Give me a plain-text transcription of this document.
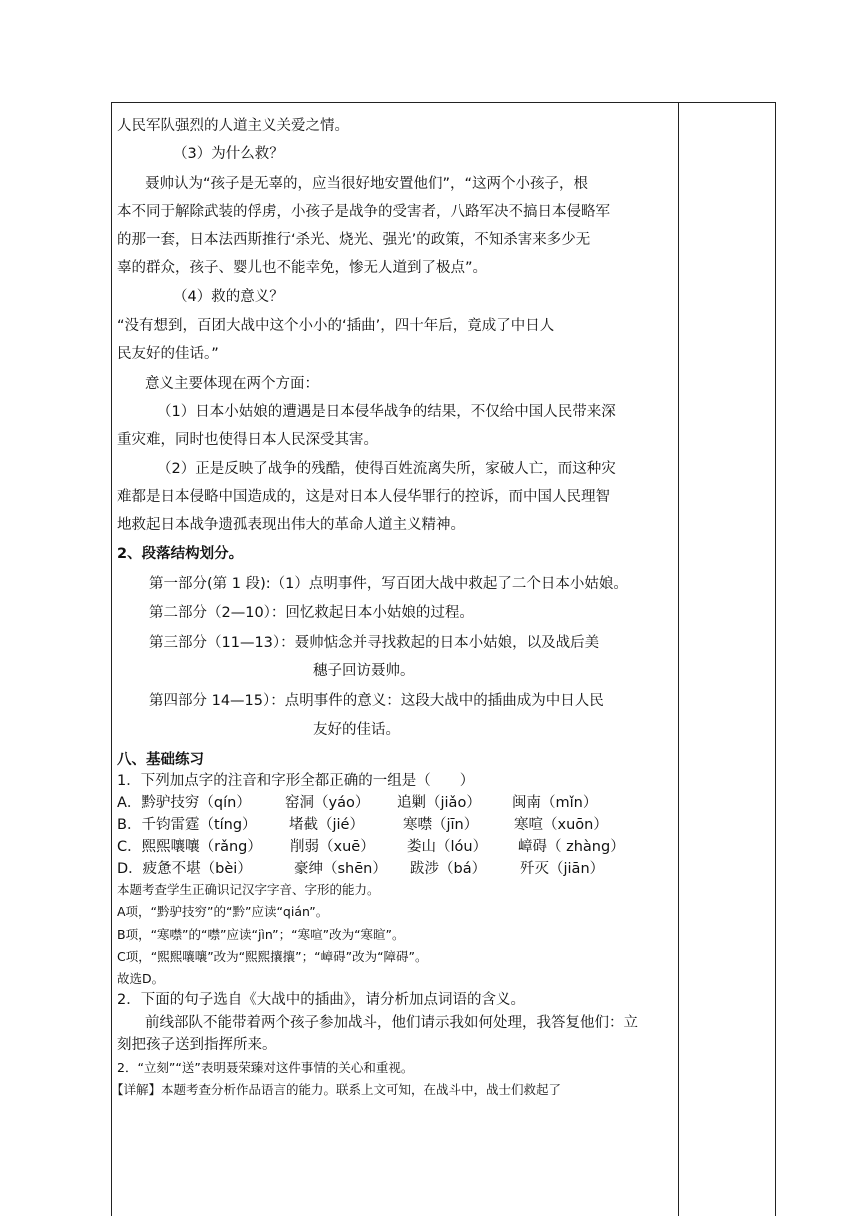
人民军队强烈的人道主义关爱之情。
（3）为什么救？
聂帅认为“孩子是无辜的，应当很好地安置他们”，“这两个小孩子，根
本不同于解除武装的俘虏，小孩子是战争的受害者，八路军决不搞日本侵略军
的那一套，日本法西斯推行‘杀光、烧光、强光’的政策，不知杀害来多少无
辜的群众，孩子、婴儿也不能幸免，惨无人道到了极点”。
（4）救的意义？
“没有想到，百团大战中这个小小的‘插曲’，四十年后，竟成了中日人
民友好的佳话。”
意义主要体现在两个方面：
（1）日本小姑娘的遭遇是日本侵华战争的结果，不仅给中国人民带来深
重灾难，同时也使得日本人民深受其害。
（2）正是反映了战争的残酷，使得百姓流离失所，家破人亡，而这种灾
难都是日本侵略中国造成的，这是对日本人侵华罪行的控诉，而中国人民理智
地救起日本战争遗孤表现出伟大的革命人道主义精神。
2、段落结构划分。
第一部分(第 1 段):（1）点明事件，写百团大战中救起了二个日本小姑娘。
第二部分（2—10）：回忆救起日本小姑娘的过程。
第三部分（11—13）：聂帅惦念并寻找救起的日本小姑娘，以及战后美
穗子回访聂帅。
第四部分 14—15）：点明事件的意义：这段大战中的插曲成为中日人民
友好的佳话。
八、基础练习
1．下列加点字的注音和字形全都正确的一组是（　　）
A．黔驴技穷（qín） 窑洞（yáo） 追剿（jiǎo） 闽南（mǐn）
B．千钧雷霆（tíng） 堵截（jié）	寒噤（jīn） 寒喧（xuōn）
C．熙熙嚷嚷（rǎng） 削弱（xuē） 娄山（lóu） 嶂碍（ zhàng）
D．疲惫不堪（bèi）	豪绅（shēn） 跋涉（bá） 歼灭（jiān）
本题考查学生正确识记汉字字音、字形的能力。
A项，“黔驴技穷”的“黔”应读“qián”。
B项，“寒噤”的“噤”应读“jìn”；“寒喧”改为“寒暄”。
C项，“熙熙嚷嚷”改为“熙熙攘攘”；“嶂碍”改为“障碍”。
故选D。
2．下面的句子选自《大战中的插曲》，请分析加点词语的含义。
前线部队不能带着两个孩子参加战斗，他们请示我如何处理，我答复他们：立
刻把孩子送到指挥所来。
2．“立刻”“送”表明聂荣臻对这件事情的关心和重视。
【详解】本题考查分析作品语言的能力。联系上文可知，在战斗中，战士们救起了
